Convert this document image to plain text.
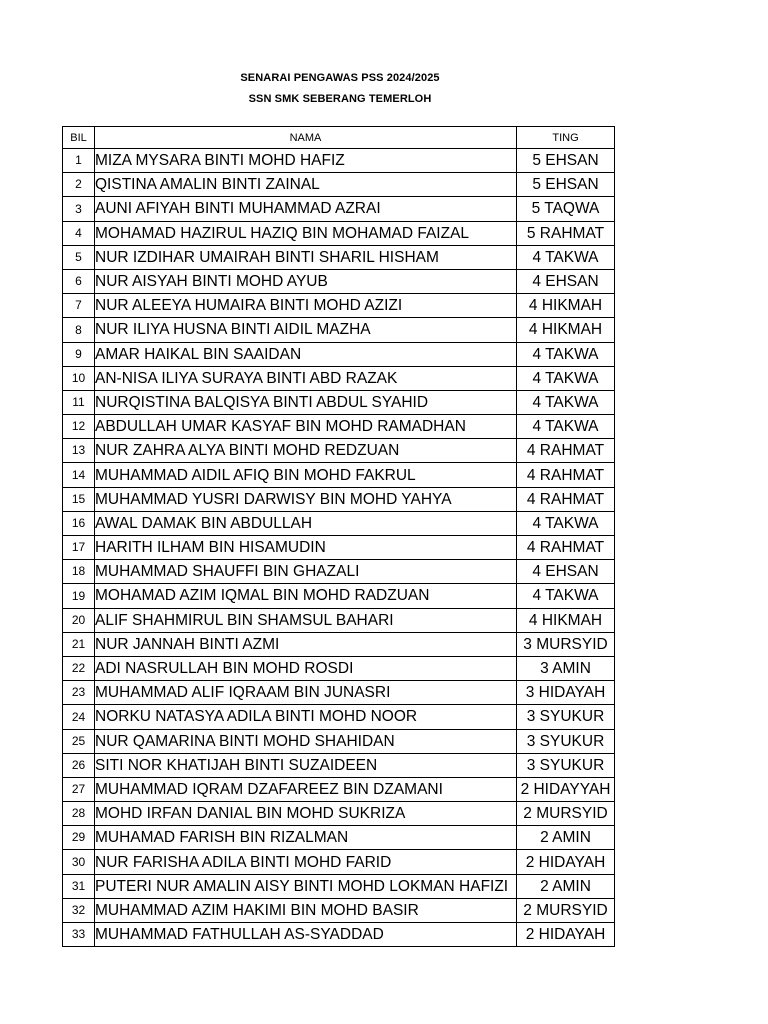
SENARAI PENGAWAS PSS 2024/2025
SSN SMK SEBERANG TEMERLOH
BIL	NAMA	TING
1	MIZA MYSARA BINTI MOHD HAFIZ	5 EHSAN
2	QISTINA AMALIN BINTI ZAINAL	5 EHSAN
3	AUNI AFIYAH BINTI MUHAMMAD AZRAI	5 TAQWA
4	MOHAMAD HAZIRUL HAZIQ BIN MOHAMAD FAIZAL	5 RAHMAT
5	NUR IZDIHAR UMAIRAH BINTI SHARIL HISHAM	4 TAKWA
6	NUR AISYAH BINTI MOHD AYUB	4 EHSAN
7	NUR ALEEYA HUMAIRA BINTI MOHD AZIZI	4 HIKMAH
8	NUR ILIYA HUSNA BINTI AIDIL MAZHA	4 HIKMAH
9	AMAR HAIKAL BIN SAAIDAN	4 TAKWA
10	AN-NISA ILIYA SURAYA BINTI ABD RAZAK	4 TAKWA
11	NURQISTINA BALQISYA BINTI ABDUL SYAHID	4 TAKWA
12	ABDULLAH UMAR KASYAF BIN MOHD RAMADHAN	4 TAKWA
13	NUR ZAHRA ALYA BINTI MOHD REDZUAN	4 RAHMAT
14	MUHAMMAD AIDIL AFIQ BIN MOHD FAKRUL	4 RAHMAT
15	MUHAMMAD YUSRI DARWISY BIN MOHD YAHYA	4 RAHMAT
16	AWAL DAMAK BIN ABDULLAH	4 TAKWA
17	HARITH ILHAM BIN HISAMUDIN	4 RAHMAT
18	MUHAMMAD SHAUFFI BIN GHAZALI	4 EHSAN
19	MOHAMAD AZIM IQMAL BIN MOHD RADZUAN	4 TAKWA
20	ALIF SHAHMIRUL BIN SHAMSUL BAHARI	4 HIKMAH
21	NUR JANNAH BINTI AZMI	3 MURSYID
22	ADI NASRULLAH BIN MOHD ROSDI	3 AMIN
23	MUHAMMAD ALIF IQRAAM BIN JUNASRI	3 HIDAYAH
24	NORKU NATASYA ADILA BINTI MOHD NOOR	3 SYUKUR
25	NUR QAMARINA BINTI MOHD SHAHIDAN	3 SYUKUR
26	SITI NOR KHATIJAH BINTI SUZAIDEEN	3 SYUKUR
27	MUHAMMAD IQRAM DZAFAREEZ BIN DZAMANI	2 HIDAYYAH
28	MOHD IRFAN DANIAL BIN MOHD SUKRIZA	2 MURSYID
29	MUHAMAD FARISH BIN RIZALMAN	2 AMIN
30	NUR FARISHA ADILA BINTI MOHD FARID	2 HIDAYAH
31	PUTERI NUR AMALIN AISY BINTI MOHD LOKMAN HAFIZI	2 AMIN
32	MUHAMMAD AZIM HAKIMI BIN MOHD BASIR	2 MURSYID
33	MUHAMMAD FATHULLAH AS-SYADDAD	2 HIDAYAH
